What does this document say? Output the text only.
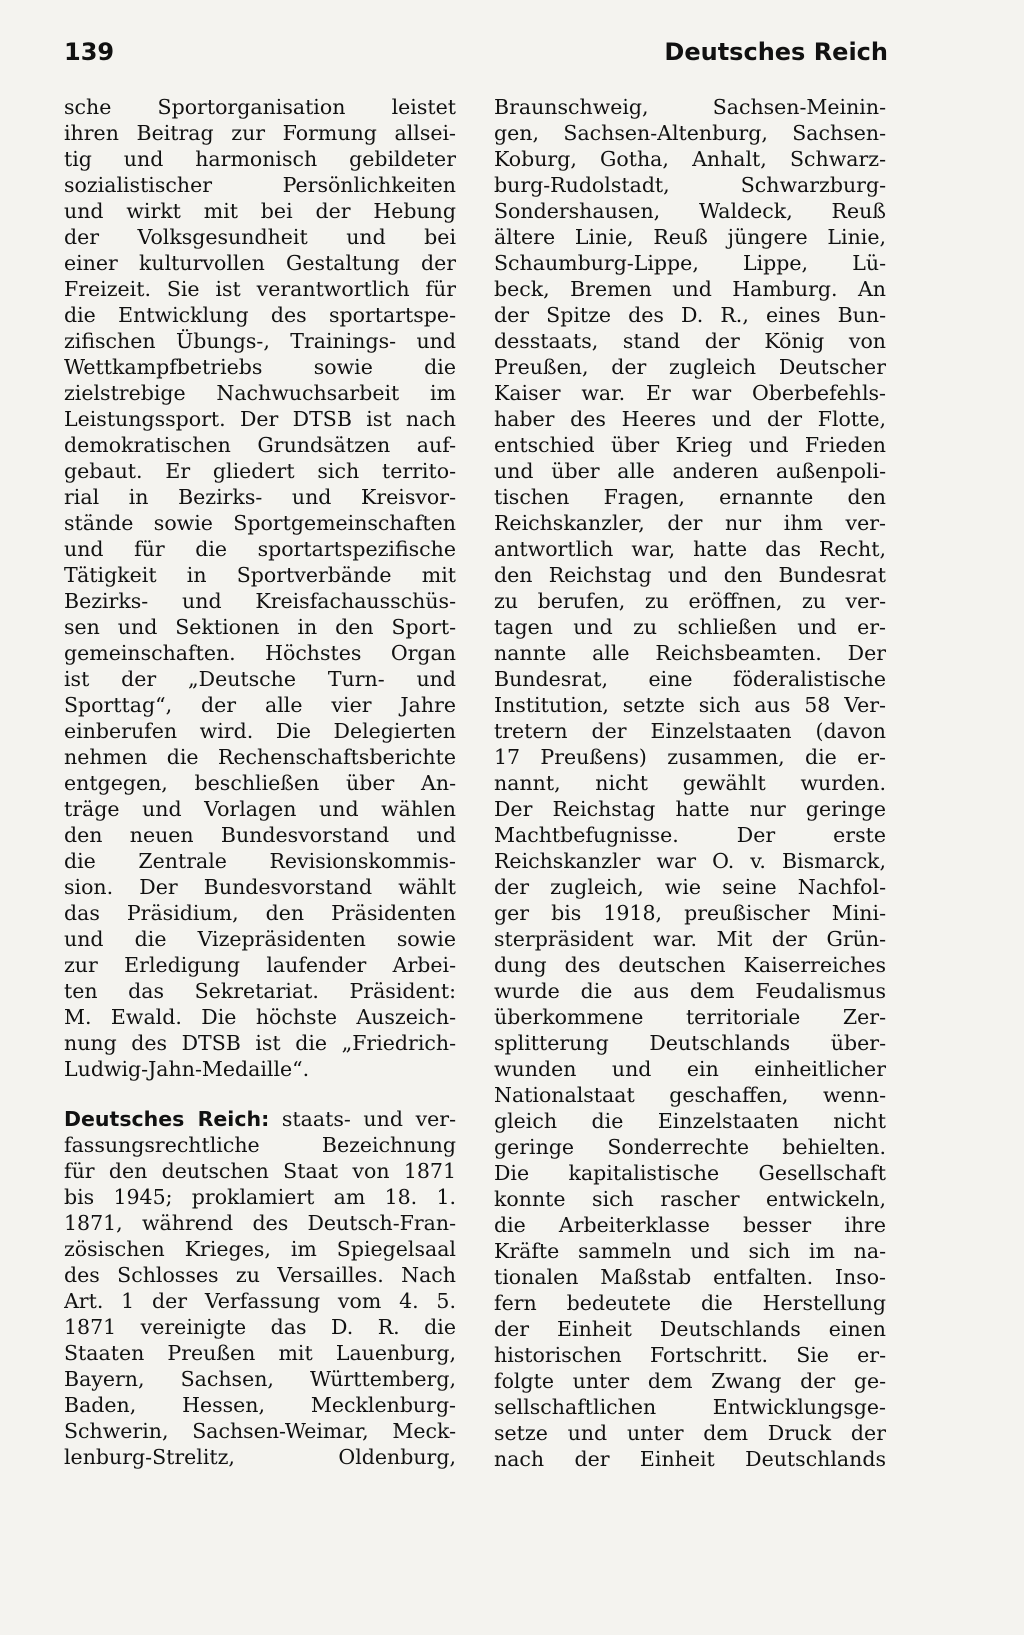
139	Deutsches Reich
sche Sportorganisation leistet
ihren Beitrag zur Formung allsei-
tig und harmonisch gebildeter
sozialistischer Persönlichkeiten
und wirkt mit bei der Hebung
der Volksgesundheit und bei
einer kulturvollen Gestaltung der
Freizeit. Sie ist verantwortlich für
die Entwicklung des sportartspe-
zifischen Übungs-, Trainings- und
Wettkampfbetriebs sowie die
zielstrebige Nachwuchsarbeit im
Leistungssport. Der DTSB ist nach
demokratischen Grundsätzen auf-
gebaut. Er gliedert sich territo-
rial in Bezirks- und Kreisvor-
stände sowie Sportgemeinschaften
und für die sportartspezifische
Tätigkeit in Sportverbände mit
Bezirks- und Kreisfachausschüs-
sen und Sektionen in den Sport-
gemeinschaften. Höchstes Organ
ist der „Deutsche Turn- und
Sporttag“, der alle vier Jahre
einberufen wird. Die Delegierten
nehmen die Rechenschaftsberichte
entgegen, beschließen über An-
träge und Vorlagen und wählen
den neuen Bundesvorstand und
die Zentrale Revisionskommis-
sion. Der Bundesvorstand wählt
das Präsidium, den Präsidenten
und die Vizepräsidenten sowie
zur Erledigung laufender Arbei-
ten das Sekretariat. Präsident:
M. Ewald. Die höchste Auszeich-
nung des DTSB ist die „Friedrich-
Ludwig-Jahn-Medaille“.
Deutsches Reich: staats- und ver-
fassungsrechtliche Bezeichnung
für den deutschen Staat von 1871
bis 1945; proklamiert am 18. 1.
1871, während des Deutsch-Fran-
zösischen Krieges, im Spiegelsaal
des Schlosses zu Versailles. Nach
Art. 1 der Verfassung vom 4. 5.
1871 vereinigte das D. R. die
Staaten Preußen mit Lauenburg,
Bayern, Sachsen, Württemberg,
Baden, Hessen, Mecklenburg-
Schwerin, Sachsen-Weimar, Meck-
lenburg-Strelitz, Oldenburg,
Braunschweig, Sachsen-Meinin-
gen, Sachsen-Altenburg, Sachsen-
Koburg, Gotha, Anhalt, Schwarz-
burg-Rudolstadt, Schwarzburg-
Sondershausen, Waldeck, Reuß
ältere Linie, Reuß jüngere Linie,
Schaumburg-Lippe, Lippe, Lü-
beck, Bremen und Hamburg. An
der Spitze des D. R., eines Bun-
desstaats, stand der König von
Preußen, der zugleich Deutscher
Kaiser war. Er war Oberbefehls-
haber des Heeres und der Flotte,
entschied über Krieg und Frieden
und über alle anderen außenpoli-
tischen Fragen, ernannte den
Reichskanzler, der nur ihm ver-
antwortlich war, hatte das Recht,
den Reichstag und den Bundesrat
zu berufen, zu eröffnen, zu ver-
tagen und zu schließen und er-
nannte alle Reichsbeamten. Der
Bundesrat, eine föderalistische
Institution, setzte sich aus 58 Ver-
tretern der Einzelstaaten (davon
17 Preußens) zusammen, die er-
nannt, nicht gewählt wurden.
Der Reichstag hatte nur geringe
Machtbefugnisse. Der erste
Reichskanzler war O. v. Bismarck,
der zugleich, wie seine Nachfol-
ger bis 1918, preußischer Mini-
sterpräsident war. Mit der Grün-
dung des deutschen Kaiserreiches
wurde die aus dem Feudalismus
überkommene territoriale Zer-
splitterung Deutschlands über-
wunden und ein einheitlicher
Nationalstaat geschaffen, wenn-
gleich die Einzelstaaten nicht
geringe Sonderrechte behielten.
Die kapitalistische Gesellschaft
konnte sich rascher entwickeln,
die Arbeiterklasse besser ihre
Kräfte sammeln und sich im na-
tionalen Maßstab entfalten. Inso-
fern bedeutete die Herstellung
der Einheit Deutschlands einen
historischen Fortschritt. Sie er-
folgte unter dem Zwang der ge-
sellschaftlichen Entwicklungsge-
setze und unter dem Druck der
nach der Einheit Deutschlands
